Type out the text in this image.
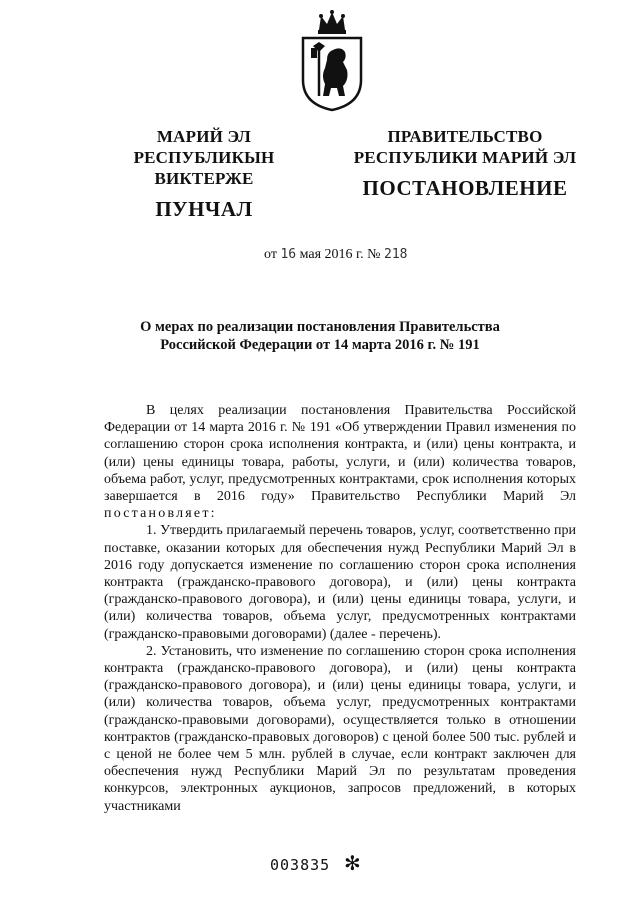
МАРИЙ ЭЛ РЕСПУБЛИКЫН
ВИКТЕРЖЕ
ПУНЧАЛ
ПРАВИТЕЛЬСТВО
РЕСПУБЛИКИ МАРИЙ ЭЛ
ПОСТАНОВЛЕНИЕ
от 16 мая 2016 г. № 218
О мерах по реализации постановления Правительства
Российской Федерации от 14 марта 2016 г. № 191

В целях реализации постановления Правительства Российской Федерации от 14 марта 2016 г. № 191 «Об утверждении Правил изменения по соглашению сторон срока исполнения контракта, и (или) цены контракта, и (или) цены единицы товара, работы, услуги, и (или) количества товаров, объема работ, услуг, предусмотренных контрактами, срок исполнения которых завершается в 2016 году» Правительство Республики Марий Эл постановляет:

1. Утвердить прилагаемый перечень товаров, услуг, соответственно при поставке, оказании которых для обеспечения нужд Республики Марий Эл в 2016 году допускается изменение по соглашению сторон срока исполнения контракта (гражданско-правового договора), и (или) цены контракта (гражданско-правового договора), и (или) цены единицы товара, услуги, и (или) количества товаров, объема услуг, предусмотренных контрактами (гражданско-правовыми договорами) (далее - перечень).

2. Установить, что изменение по соглашению сторон срока исполнения контракта (гражданско-правового договора), и (или) цены контракта (гражданско-правового договора), и (или) цены единицы товара, услуги, и (или) количества товаров, объема услуг, предусмотренных контрактами (гражданско-правовыми договорами), осуществляется только в отношении контрактов (гражданско-правовых договоров) с ценой более 500 тыс. рублей и с ценой не более чем 5 млн. рублей в случае, если контракт заключен для обеспечения нужд Республики Марий Эл по результатам проведения конкурсов, электронных аукционов, запросов предложений, в которых участниками

003835 ✻
